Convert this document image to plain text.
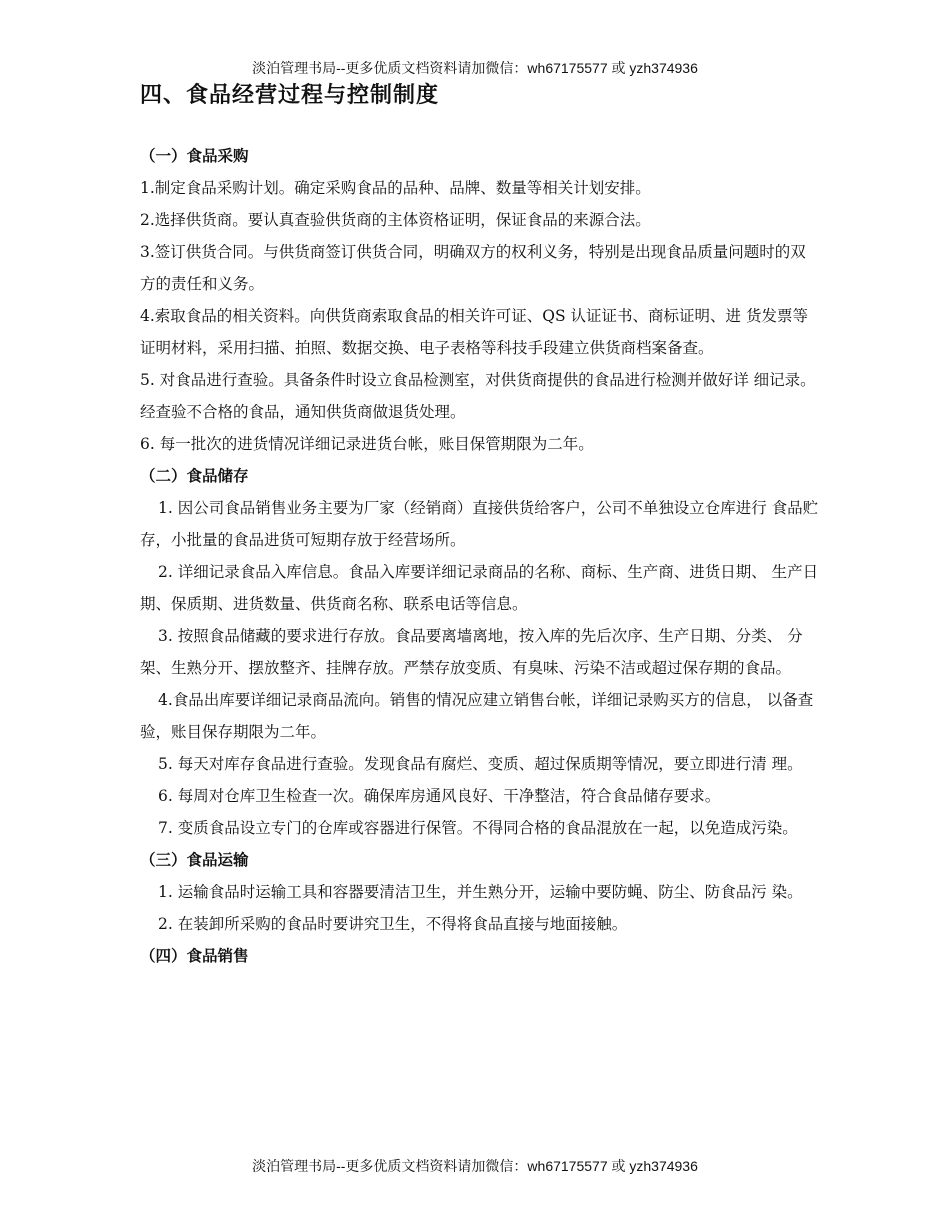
淡泊管理书局--更多优质文档资料请加微信：wh67175577 或 yzh374936
四、食品经营过程与控制制度

（一）食品采购

1.制定食品采购计划。确定采购食品的品种、品牌、数量等相关计划安排。

2.选择供货商。要认真查验供货商的主体资格证明，保证食品的来源合法。

3.签订供货合同。与供货商签订供货合同，明确双方的权利义务，特别是出现食品质量问题时的双方的责任和义务。

4.索取食品的相关资料。向供货商索取食品的相关许可证、QS 认证证书、商标证明、进 货发票等证明材料，采用扫描、拍照、数据交换、电子表格等科技手段建立供货商档案备查。

5. 对食品进行查验。具备条件时设立食品检测室，对供货商提供的食品进行检测并做好详 细记录。经查验不合格的食品，通知供货商做退货处理。

6. 每一批次的进货情况详细记录进货台帐，账目保管期限为二年。

（二）食品储存

1. 因公司食品销售业务主要为厂家（经销商）直接供货给客户，公司不单独设立仓库进行 食品贮存，小批量的食品进货可短期存放于经营场所。

2. 详细记录食品入库信息。食品入库要详细记录商品的名称、商标、生产商、进货日期、 生产日期、保质期、进货数量、供货商名称、联系电话等信息。

3. 按照食品储藏的要求进行存放。食品要离墙离地，按入库的先后次序、生产日期、分类、 分架、生熟分开、摆放整齐、挂牌存放。严禁存放变质、有臭味、污染不洁或超过保存期的食品。

4.食品出库要详细记录商品流向。销售的情况应建立销售台帐，详细记录购买方的信息， 以备查验，账目保存期限为二年。

5. 每天对库存食品进行查验。发现食品有腐烂、变质、超过保质期等情况，要立即进行清 理。

6. 每周对仓库卫生检查一次。确保库房通风良好、干净整洁，符合食品储存要求。

7. 变质食品设立专门的仓库或容器进行保管。不得同合格的食品混放在一起，以免造成污染。

（三）食品运输

1. 运输食品时运输工具和容器要清洁卫生，并生熟分开，运输中要防蝇、防尘、防食品污 染。

2. 在装卸所采购的食品时要讲究卫生，不得将食品直接与地面接触。

（四）食品销售

淡泊管理书局--更多优质文档资料请加微信：wh67175577 或 yzh374936
